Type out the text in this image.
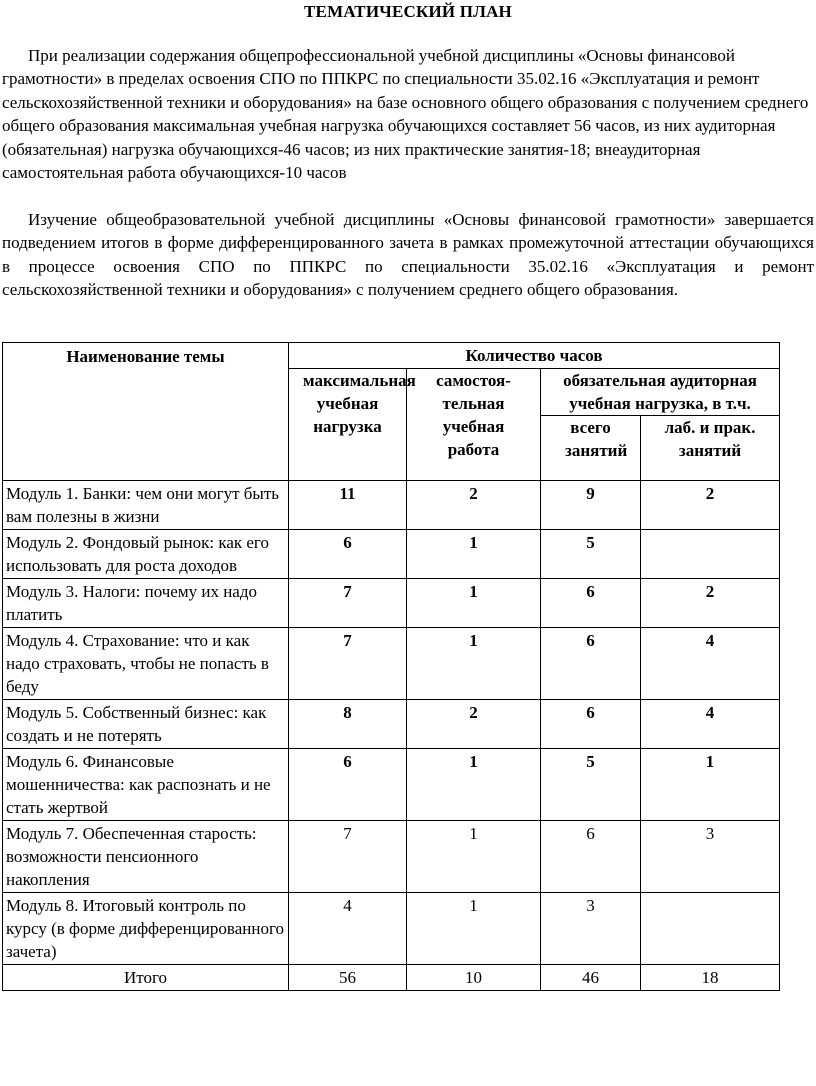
ТЕМАТИЧЕСКИЙ ПЛАН

При реализации содержания общепрофессиональной учебной дисциплины «Основы финансовой грамотности» в пределах освоения СПО по ППКРС по специальности 35.02.16 «Эксплуатация и ремонт сельскохозяйственной техники и оборудования» на базе основного общего образования с получением среднего общего образования максимальная учебная нагрузка обучающихся составляет 56 часов, из них аудиторная (обязательная) нагрузка обучающихся-46 часов; из них практические занятия-18; внеаудиторная самостоятельная работа обучающихся-10 часов

Изучение общеобразовательной учебной дисциплины «Основы финансовой грамотности» завершается подведением итогов в форме дифференцированного зачета в рамках промежуточной аттестации обучающихся в процессе освоения СПО по ППКРС по специальности 35.02.16 «Эксплуатация и ремонт сельскохозяйственной техники и оборудования» с получением среднего общего образования.

Наименование темы	Количество часов			
	максимальная учебная нагрузка	самостоя-тельная учебная работа	обязательная аудиторная учебная нагрузка, в т.ч.	
			всего занятий	лаб. и прак. занятий
Модуль 1. Банки: чем они могут быть вам полезны в жизни	11	2	9	2
Модуль 2. Фондовый рынок: как его использовать для роста доходов	6	1	5	
Модуль 3. Налоги: почему их надо платить	7	1	6	2
Модуль 4. Страхование: что и как надо страховать, чтобы не попасть в беду	7	1	6	4
Модуль 5. Собственный бизнес: как создать и не потерять	8	2	6	4
Модуль 6. Финансовые мошенничества: как распознать и не стать жертвой	6	1	5	1
Модуль 7. Обеспеченная старость: возможности пенсионного накопления	7	1	6	3
Модуль 8. Итоговый контроль по курсу (в форме дифференцированного зачета)	4	1	3	
Итого	56	10	46	18
